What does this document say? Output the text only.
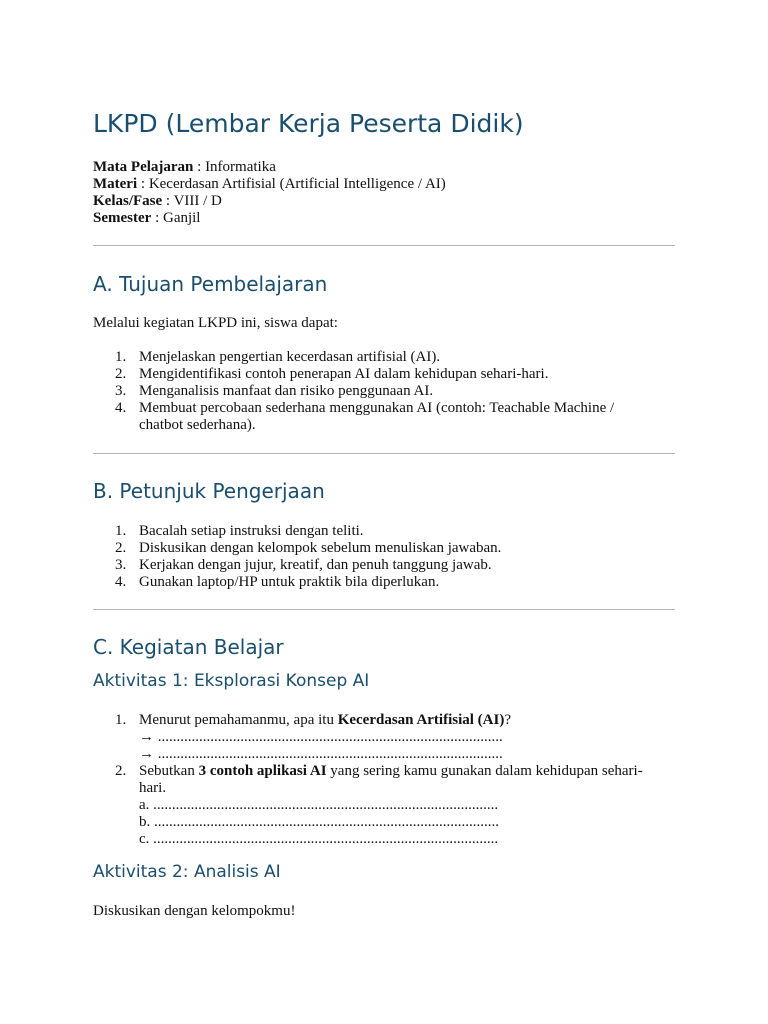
LKPD (Lembar Kerja Peserta Didik)
Mata Pelajaran : Informatika
Materi : Kecerdasan Artifisial (Artificial Intelligence / AI)
Kelas/Fase : VIII / D
Semester : Ganjil
A. Tujuan Pembelajaran
Melalui kegiatan LKPD ini, siswa dapat:
1. Menjelaskan pengertian kecerdasan artifisial (AI).
2. Mengidentifikasi contoh penerapan AI dalam kehidupan sehari-hari.
3. Menganalisis manfaat dan risiko penggunaan AI.
4. Membuat percobaan sederhana menggunakan AI (contoh: Teachable Machine /
chatbot sederhana).
B. Petunjuk Pengerjaan
1. Bacalah setiap instruksi dengan teliti.
2. Diskusikan dengan kelompok sebelum menuliskan jawaban.
3. Kerjakan dengan jujur, kreatif, dan penuh tanggung jawab.
4. Gunakan laptop/HP untuk praktik bila diperlukan.
C. Kegiatan Belajar
Aktivitas 1: Eksplorasi Konsep AI
1. Menurut pemahamanmu, apa itu Kecerdasan Artifisial (AI)?
→ ............................................................................................
→ ............................................................................................
2. Sebutkan 3 contoh aplikasi AI yang sering kamu gunakan dalam kehidupan sehari-
hari.
a. ............................................................................................
b. ............................................................................................
c. ............................................................................................
Aktivitas 2: Analisis AI
Diskusikan dengan kelompokmu!
